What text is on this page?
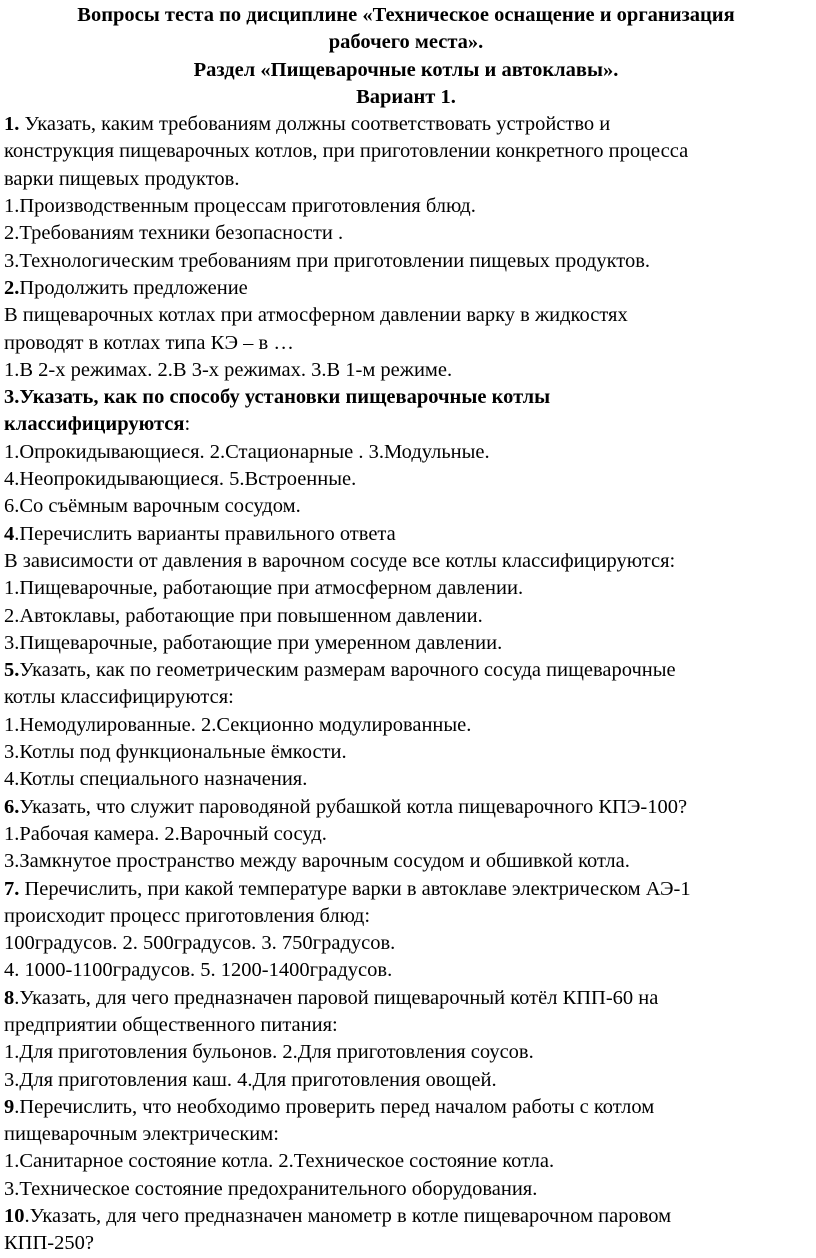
Вопросы теста по дисциплине «Техническое оснащение и организация
рабочего места».
Раздел «Пищеварочные котлы и автоклавы».
Вариант 1.
1. Указать, каким требованиям должны соответствовать устройство и
конструкция пищеварочных котлов, при приготовлении конкретного процесса
варки пищевых продуктов.
1.Производственным процессам приготовления блюд.
2.Требованиям техники безопасности .
3.Технологическим требованиям при приготовлении пищевых продуктов.
2.Продолжить предложение
В пищеварочных котлах при атмосферном давлении варку в жидкостях
проводят в котлах типа КЭ – в …
1.В 2-х режимах. 2.В 3-х режимах. 3.В 1-м режиме.
3.Указать, как по способу установки пищеварочные котлы
классифицируются:
1.Опрокидывающиеся. 2.Стационарные . 3.Модульные.
4.Неопрокидывающиеся. 5.Встроенные.
6.Со съёмным варочным сосудом.
4.Перечислить варианты правильного ответа
В зависимости от давления в варочном сосуде все котлы классифицируются:
1.Пищеварочные, работающие при атмосферном давлении.
2.Автоклавы, работающие при повышенном давлении.
3.Пищеварочные, работающие при умеренном давлении.
5.Указать, как по геометрическим размерам варочного сосуда пищеварочные
котлы классифицируются:
1.Немодулированные. 2.Секционно модулированные.
3.Котлы под функциональные ёмкости.
4.Котлы специального назначения.
6.Указать, что служит пароводяной рубашкой котла пищеварочного КПЭ-100?
1.Рабочая камера. 2.Варочный сосуд.
3.Замкнутое пространство между варочным сосудом и обшивкой котла.
7. Перечислить, при какой температуре варки в автоклаве электрическом АЭ-1
происходит процесс приготовления блюд:
100градусов. 2. 500градусов. 3. 750градусов.
4. 1000-1100градусов. 5. 1200-1400градусов.
8.Указать, для чего предназначен паровой пищеварочный котёл КПП-60 на
предприятии общественного питания:
1.Для приготовления бульонов. 2.Для приготовления соусов.
3.Для приготовления каш. 4.Для приготовления овощей.
9.Перечислить, что необходимо проверить перед началом работы с котлом
пищеварочным электрическим:
1.Санитарное состояние котла. 2.Техническое состояние котла.
3.Техническое состояние предохранительного оборудования.
10.Указать, для чего предназначен манометр в котле пищеварочном паровом
КПП-250?
